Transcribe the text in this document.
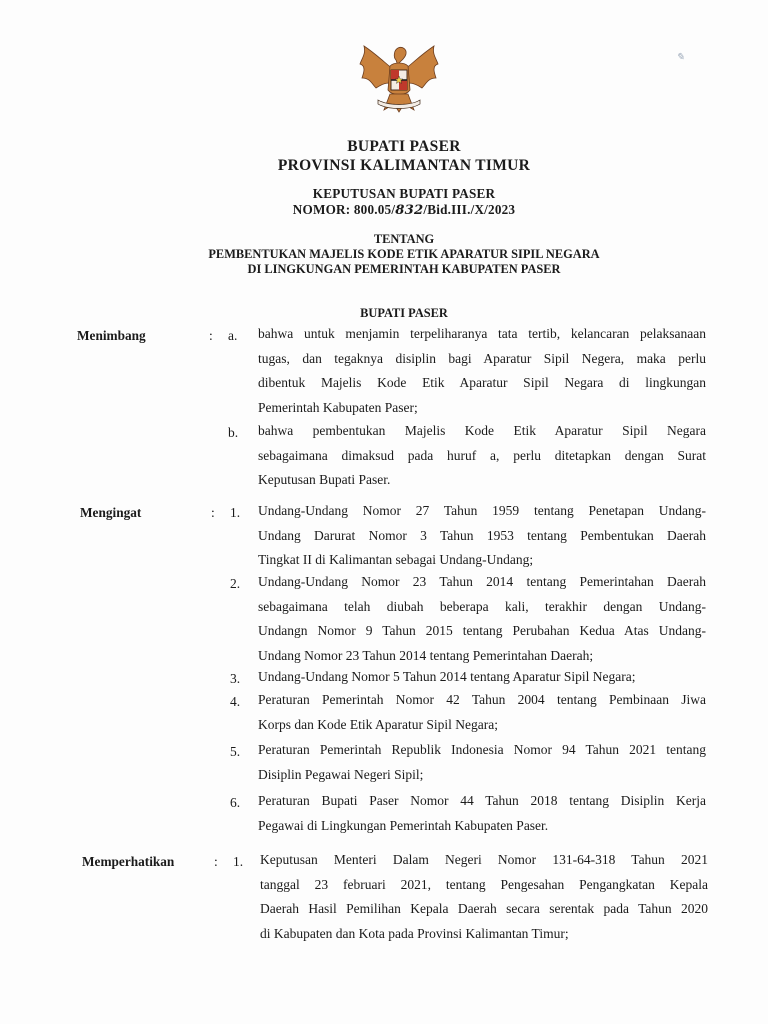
✎
BUPATI PASER
PROVINSI KALIMANTAN TIMUR
KEPUTUSAN BUPATI PASER
NOMOR: 800.05/832/Bid.III./X/2023
TENTANG
PEMBENTUKAN MAJELIS KODE ETIK APARATUR SIPIL NEGARA
DI LINGKUNGAN PEMERINTAH KABUPATEN PASER
BUPATI PASER
Menimbang	: a. bahwa untuk menjamin terpeliharanya tata tertib, kelancaran pelaksanaan
tugas, dan tegaknya disiplin bagi Aparatur Sipil Negera, maka perlu
dibentuk Majelis Kode Etik Aparatur Sipil Negara di lingkungan
Pemerintah Kabupaten Paser;
b. bahwa pembentukan Majelis Kode Etik Aparatur Sipil Negara
sebagaimana dimaksud pada huruf a, perlu ditetapkan dengan Surat
Keputusan Bupati Paser.
Mengingat	: 1. Undang-Undang Nomor 27 Tahun 1959 tentang Penetapan Undang-
Undang Darurat Nomor 3 Tahun 1953 tentang Pembentukan Daerah
Tingkat II di Kalimantan sebagai Undang-Undang;
2. Undang-Undang Nomor 23 Tahun 2014 tentang Pemerintahan Daerah
sebagaimana telah diubah beberapa kali, terakhir dengan Undang-
Undangn Nomor 9 Tahun 2015 tentang Perubahan Kedua Atas Undang-
Undang Nomor 23 Tahun 2014 tentang Pemerintahan Daerah;
3. Undang-Undang Nomor 5 Tahun 2014 tentang Aparatur Sipil Negara;
4. Peraturan Pemerintah Nomor 42 Tahun 2004 tentang Pembinaan Jiwa
Korps dan Kode Etik Aparatur Sipil Negara;
5. Peraturan Pemerintah Republik Indonesia Nomor 94 Tahun 2021 tentang
Disiplin Pegawai Negeri Sipil;
6. Peraturan Bupati Paser Nomor 44 Tahun 2018 tentang Disiplin Kerja
Pegawai di Lingkungan Pemerintah Kabupaten Paser.
Memperhatikan	: 1. Keputusan Menteri Dalam Negeri Nomor 131-64-318 Tahun 2021
tanggal 23 februari 2021, tentang Pengesahan Pengangkatan Kepala
Daerah Hasil Pemilihan Kepala Daerah secara serentak pada Tahun 2020
di Kabupaten dan Kota pada Provinsi Kalimantan Timur;
